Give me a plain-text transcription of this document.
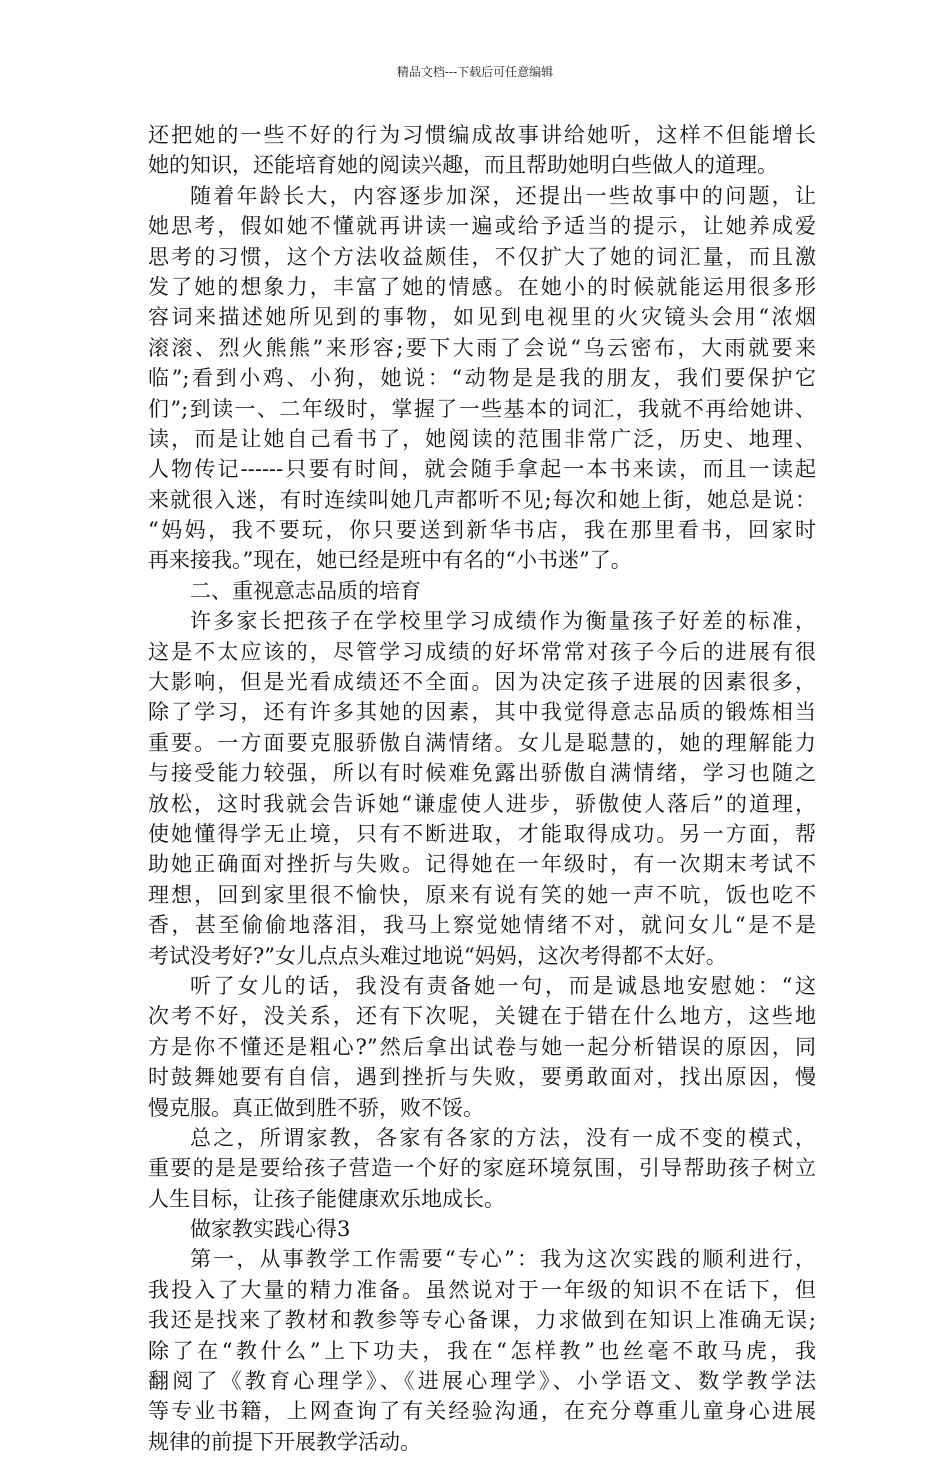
精品文档---下载后可任意编辑
还把她的一些不好的行为习惯编成故事讲给她听，这样不但能增长
她的知识，还能培育她的阅读兴趣，而且帮助她明白些做人的道理。
随着年龄长大，内容逐步加深，还提出一些故事中的问题，让
她思考，假如她不懂就再讲读一遍或给予适当的提示，让她养成爱
思考的习惯，这个方法收益颇佳，不仅扩大了她的词汇量，而且激
发了她的想象力，丰富了她的情感。在她小的时候就能运用很多形
容词来描述她所见到的事物，如见到电视里的火灾镜头会用“浓烟
滚滚、烈火熊熊”来形容;要下大雨了会说“乌云密布，大雨就要来
临”;看到小鸡、小狗，她说：“动物是是我的朋友，我们要保护它
们”;到读一、二年级时，掌握了一些基本的词汇，我就不再给她讲、
读，而是让她自己看书了，她阅读的范围非常广泛，历史、地理、
人物传记------只要有时间，就会随手拿起一本书来读，而且一读起
来就很入迷，有时连续叫她几声都听不见;每次和她上街，她总是说：
“妈妈，我不要玩，你只要送到新华书店，我在那里看书，回家时
再来接我。”现在，她已经是班中有名的“小书迷”了。
二、重视意志品质的培育
许多家长把孩子在学校里学习成绩作为衡量孩子好差的标准，
这是不太应该的，尽管学习成绩的好坏常常对孩子今后的进展有很
大影响，但是光看成绩还不全面。因为决定孩子进展的因素很多，
除了学习，还有许多其她的因素，其中我觉得意志品质的锻炼相当
重要。一方面要克服骄傲自满情绪。女儿是聪慧的，她的理解能力
与接受能力较强，所以有时候难免露出骄傲自满情绪，学习也随之
放松，这时我就会告诉她“谦虚使人进步，骄傲使人落后”的道理，
使她懂得学无止境，只有不断进取，才能取得成功。另一方面，帮
助她正确面对挫折与失败。记得她在一年级时，有一次期末考试不
理想，回到家里很不愉快，原来有说有笑的她一声不吭，饭也吃不
香，甚至偷偷地落泪，我马上察觉她情绪不对，就问女儿“是不是
考试没考好?”女儿点点头难过地说“妈妈，这次考得都不太好。
听了女儿的话，我没有责备她一句，而是诚恳地安慰她：“这
次考不好，没关系，还有下次呢，关键在于错在什么地方，这些地
方是你不懂还是粗心?”然后拿出试卷与她一起分析错误的原因，同
时鼓舞她要有自信，遇到挫折与失败，要勇敢面对，找出原因，慢
慢克服。真正做到胜不骄，败不馁。
总之，所谓家教，各家有各家的方法，没有一成不变的模式，
重要的是是要给孩子营造一个好的家庭环境氛围，引导帮助孩子树立
人生目标，让孩子能健康欢乐地成长。
做家教实践心得3
第一，从事教学工作需要“专心”：我为这次实践的顺利进行，
我投入了大量的精力准备。虽然说对于一年级的知识不在话下，但
我还是找来了教材和教参等专心备课，力求做到在知识上准确无误;
除了在“教什么”上下功夫，我在“怎样教”也丝毫不敢马虎，我
翻阅了《教育心理学》、《进展心理学》、小学语文、数学教学法
等专业书籍，上网查询了有关经验沟通，在充分尊重儿童身心进展
规律的前提下开展教学活动。
